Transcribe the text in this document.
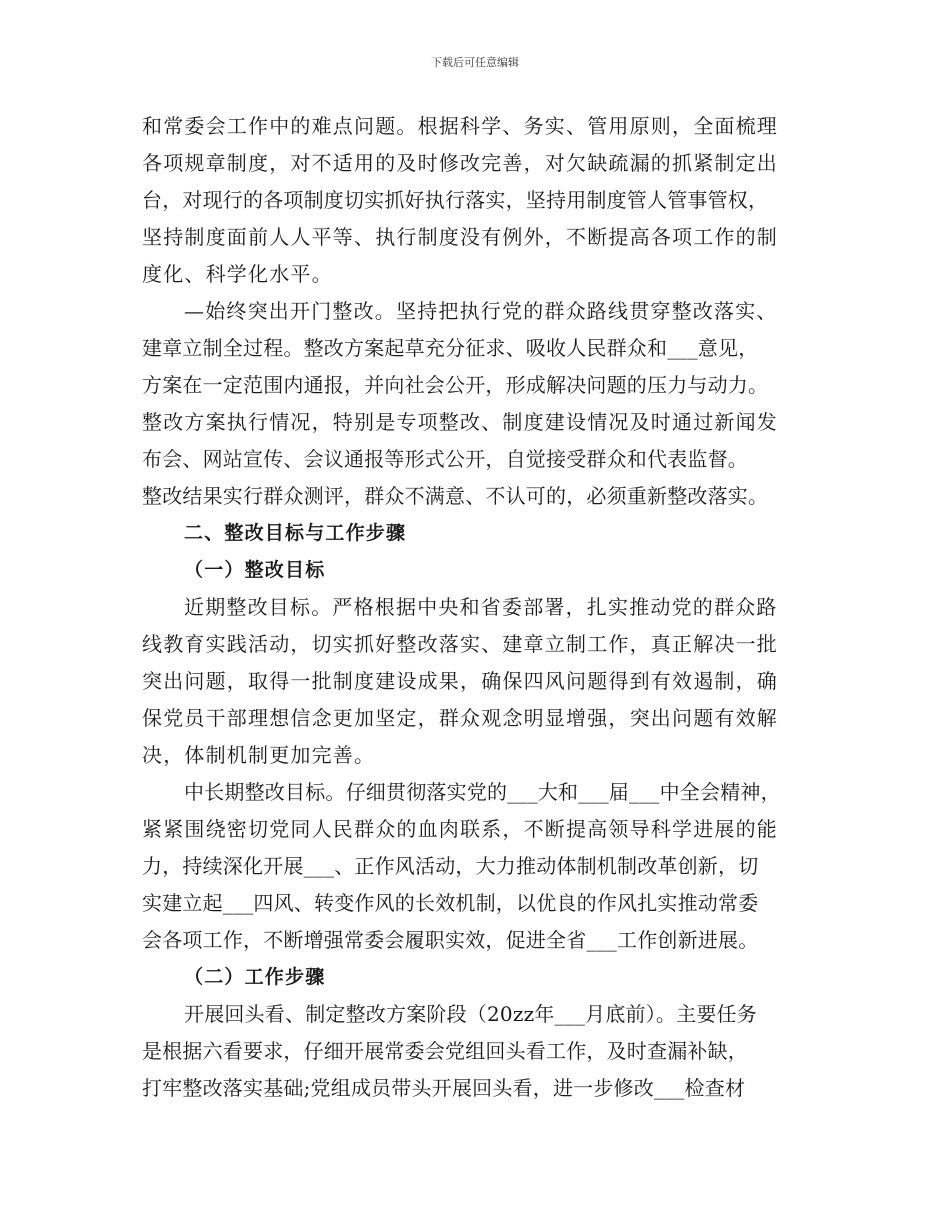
下载后可任意编辑
和常委会工作中的难点问题。根据科学、务实、管用原则，全面梳理
各项规章制度，对不适用的及时修改完善，对欠缺疏漏的抓紧制定出
台，对现行的各项制度切实抓好执行落实，坚持用制度管人管事管权，
坚持制度面前人人平等、执行制度没有例外，不断提高各项工作的制
度化、科学化水平。
—始终突出开门整改。坚持把执行党的群众路线贯穿整改落实、
建章立制全过程。整改方案起草充分征求、吸收人民群众和___意见，
方案在一定范围内通报，并向社会公开，形成解决问题的压力与动力。
整改方案执行情况，特别是专项整改、制度建设情况及时通过新闻发
布会、网站宣传、会议通报等形式公开，自觉接受群众和代表监督。
整改结果实行群众测评，群众不满意、不认可的，必须重新整改落实。
二、整改目标与工作步骤
（一）整改目标
近期整改目标。严格根据中央和省委部署，扎实推动党的群众路
线教育实践活动，切实抓好整改落实、建章立制工作，真正解决一批
突出问题，取得一批制度建设成果，确保四风问题得到有效遏制，确
保党员干部理想信念更加坚定，群众观念明显增强，突出问题有效解
决，体制机制更加完善。
中长期整改目标。仔细贯彻落实党的___大和___届___中全会精神，
紧紧围绕密切党同人民群众的血肉联系，不断提高领导科学进展的能
力，持续深化开展___、正作风活动，大力推动体制机制改革创新，切
实建立起___四风、转变作风的长效机制，以优良的作风扎实推动常委
会各项工作，不断增强常委会履职实效，促进全省___工作创新进展。
（二）工作步骤
开展回头看、制定整改方案阶段（20zz年___月底前）。主要任务
是根据六看要求，仔细开展常委会党组回头看工作，及时查漏补缺，
打牢整改落实基础;党组成员带头开展回头看，进一步修改___检查材
